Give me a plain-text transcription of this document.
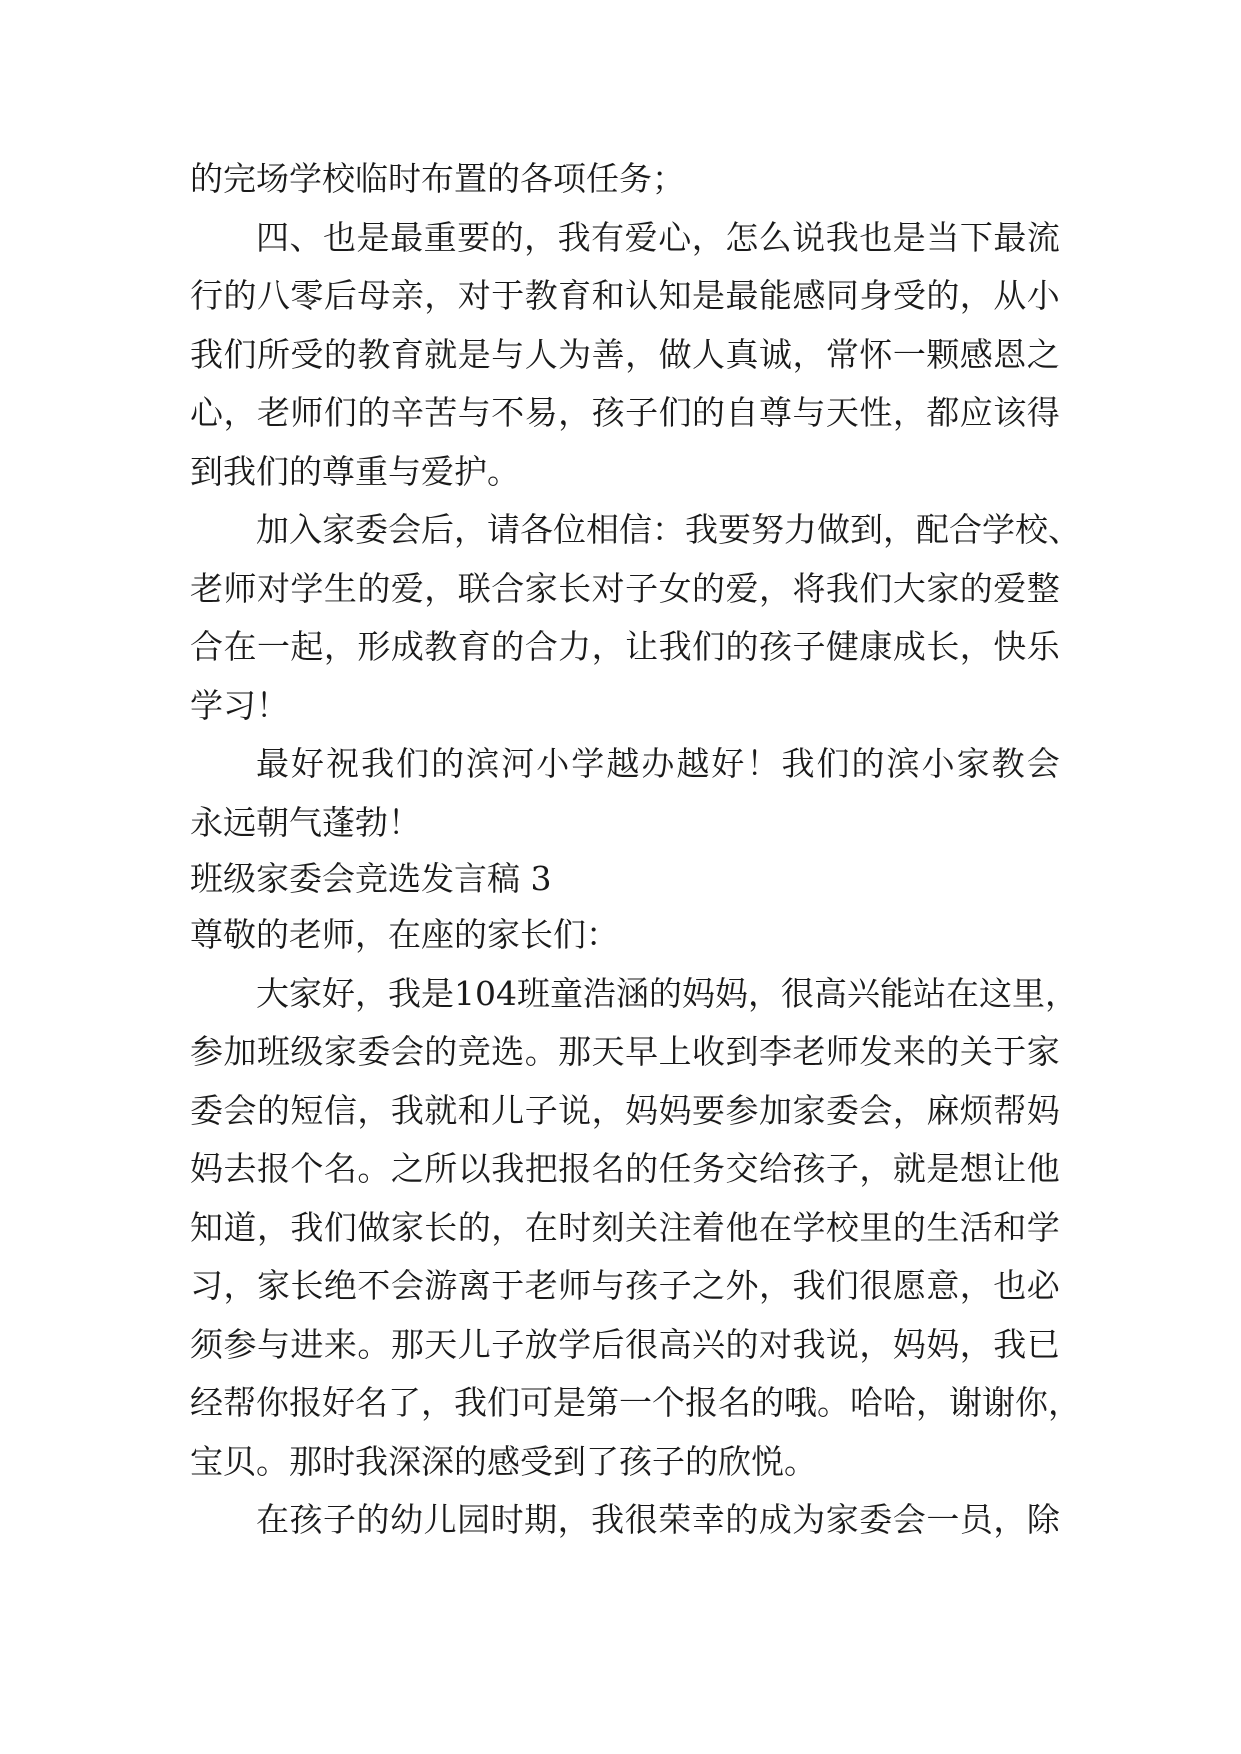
的完场学校临时布置的各项任务；
四 、 也 是 最 重 要 的 ， 我 有 爱 心 ， 怎 么 说 我 也 是 当 下 最 流
行 的 八 零 后 母 亲 ， 对 于 教 育 和 认 知 是 最 能 感 同 身 受 的 ， 从 小
我 们 所 受 的 教 育 就 是 与 人 为 善 ， 做 人 真 诚 ， 常 怀 一 颗 感 恩 之
心 ， 老 师 们 的 辛 苦 与 不 易 ， 孩 子 们 的 自 尊 与 天 性 ， 都 应 该 得
到我们的尊重与爱护。
加 入 家 委 会 后 ， 请 各 位 相 信 ： 我 要 努 力 做 到 ， 配 合 学 校 、
老 师 对 学 生 的 爱 ， 联 合 家 长 对 子 女 的 爱 ， 将 我 们 大 家 的 爱 整
合 在 一 起 ， 形 成 教 育 的 合 力 ， 让 我 们 的 孩 子 健 康 成 长 ， 快 乐
学习！
最 好 祝 我 们 的 滨 河 小 学 越 办 越 好 ！ 我 们 的 滨 小 家 教 会
永远朝气蓬勃！
班级家委会竞选发言稿 3
尊敬的老师，在座的家长们：
大 家 好 ， 我 是 104 班 童 浩 涵 的 妈 妈 ， 很 高 兴 能 站 在 这 里 ，
参 加 班 级 家 委 会 的 竞 选 。 那 天 早 上 收 到 李 老 师 发 来 的 关 于 家
委 会 的 短 信 ， 我 就 和 儿 子 说 ， 妈 妈 要 参 加 家 委 会 ， 麻 烦 帮 妈
妈 去 报 个 名 。 之 所 以 我 把 报 名 的 任 务 交 给 孩 子 ， 就 是 想 让 他
知 道 ， 我 们 做 家 长 的 ， 在 时 刻 关 注 着 他 在 学 校 里 的 生 活 和 学
习 ， 家 长 绝 不 会 游 离 于 老 师 与 孩 子 之 外 ， 我 们 很 愿 意 ， 也 必
须 参 与 进 来 。 那 天 儿 子 放 学 后 很 高 兴 的 对 我 说 ， 妈 妈 ， 我 已
经 帮 你 报 好 名 了 ， 我 们 可 是 第 一 个 报 名 的 哦 。 哈 哈 ， 谢 谢 你 ，
宝贝。那时我深深的感受到了孩子的欣悦。
在 孩 子 的 幼 儿 园 时 期 ， 我 很 荣 幸 的 成 为 家 委 会 一 员 ， 除
